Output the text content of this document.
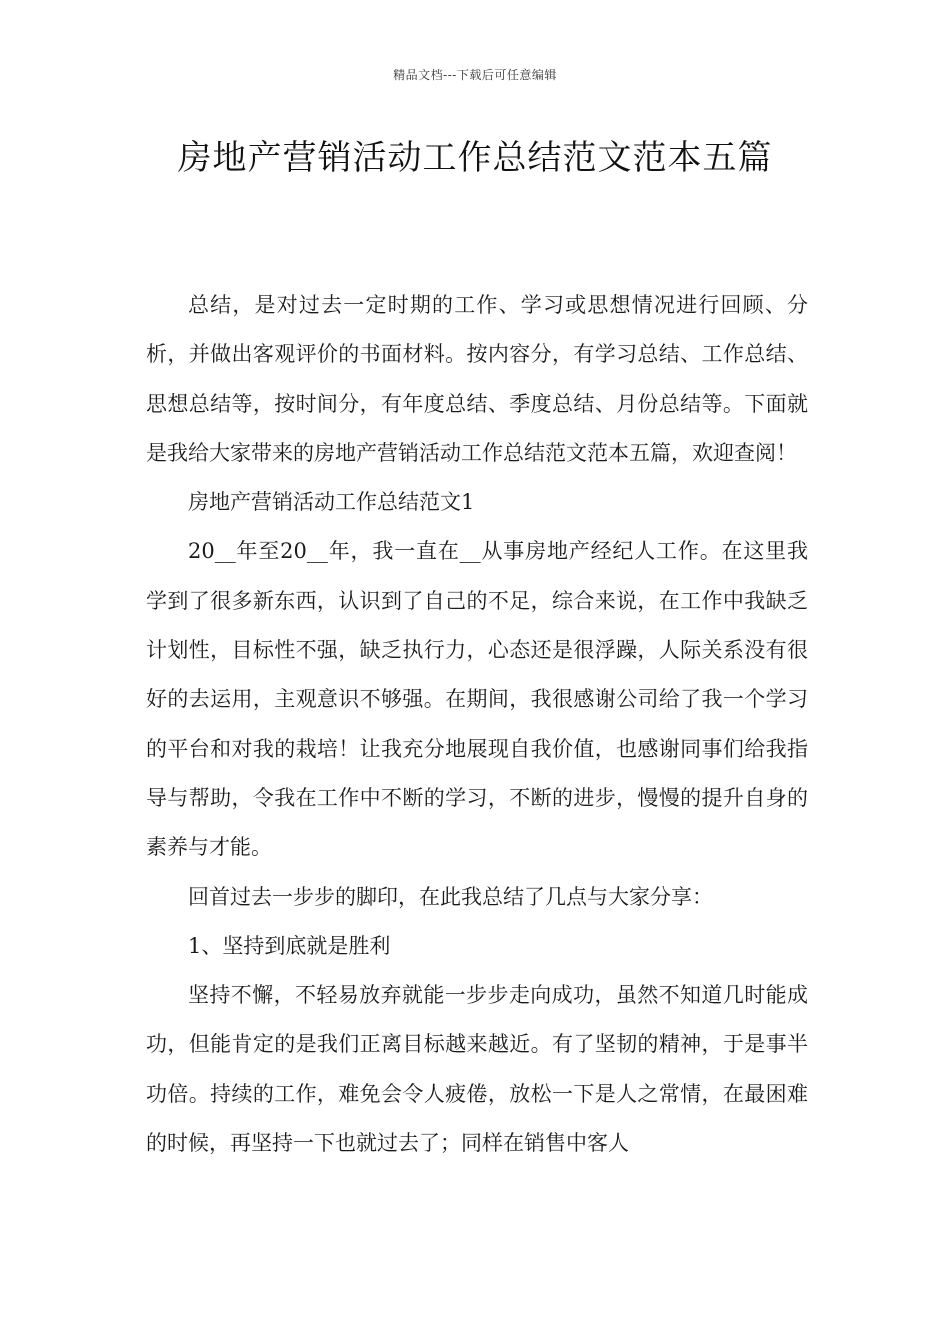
精品文档---下载后可任意编辑
房地产营销活动工作总结范文范本五篇

总结，是对过去一定时期的工作、学习或思想情况进行回顾、分析，并做出客观评价的书面材料。按内容分，有学习总结、工作总结、思想总结等，按时间分，有年度总结、季度总结、月份总结等。下面就是我给大家带来的房地产营销活动工作总结范文范本五篇，欢迎查阅！

房地产营销活动工作总结范文1

20__年至20__年，我一直在__从事房地产经纪人工作。在这里我学到了很多新东西，认识到了自己的不足，综合来说，在工作中我缺乏计划性，目标性不强，缺乏执行力，心态还是很浮躁，人际关系没有很好的去运用，主观意识不够强。在期间，我很感谢公司给了我一个学习的平台和对我的栽培！让我充分地展现自我价值，也感谢同事们给我指导与帮助，令我在工作中不断的学习，不断的进步，慢慢的提升自身的素养与才能。

回首过去一步步的脚印，在此我总结了几点与大家分享：

1、坚持到底就是胜利

坚持不懈，不轻易放弃就能一步步走向成功，虽然不知道几时能成功，但能肯定的是我们正离目标越来越近。有了坚韧的精神，于是事半功倍。持续的工作，难免会令人疲倦，放松一下是人之常情，在最困难的时候，再坚持一下也就过去了；同样在销售中客人
